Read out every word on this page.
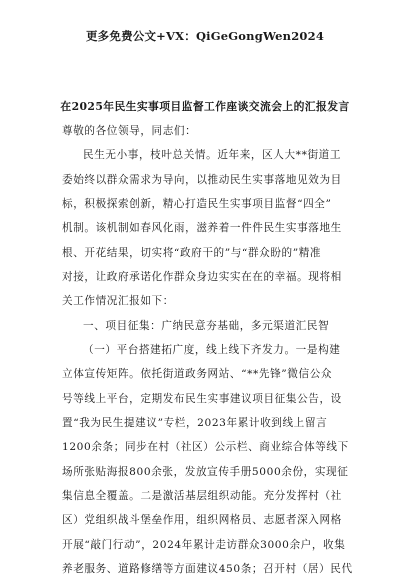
更多免费公文+VX：QiGeGongWen2024
在2025年民生实事项目监督工作座谈交流会上的汇报发言
尊敬的各位领导，同志们：
民生无小事，枝叶总关情。近年来，区人大**街道工
委始终以群众需求为导向，以推动民生实事落地见效为目
标，积极探索创新，精心打造民生实事项目监督“四全”
机制。该机制如春风化雨，滋养着一件件民生实事落地生
根、开花结果，切实将“政府干的”与“群众盼的”精准
对接，让政府承诺化作群众身边实实在在的幸福。现将相
关工作情况汇报如下：
一、项目征集：广纳民意夯基础，多元渠道汇民智
（一）平台搭建拓广度，线上线下齐发力。一是构建
立体宣传矩阵。依托街道政务网站、“**先锋”微信公众
号等线上平台，定期发布民生实事建议项目征集公告，设
置“我为民生提建议”专栏，2023年累计收到线上留言
1200余条；同步在村（社区）公示栏、商业综合体等线下
场所张贴海报800余张，发放宣传手册5000余份，实现征
集信息全覆盖。二是激活基层组织动能。充分发挥村（社
区）党组织战斗堡垒作用，组织网格员、志愿者深入网格
开展“敲门行动”，2024年累计走访群众3000余户，收集
养老服务、道路修缮等方面建议450条；召开村（居）民代
